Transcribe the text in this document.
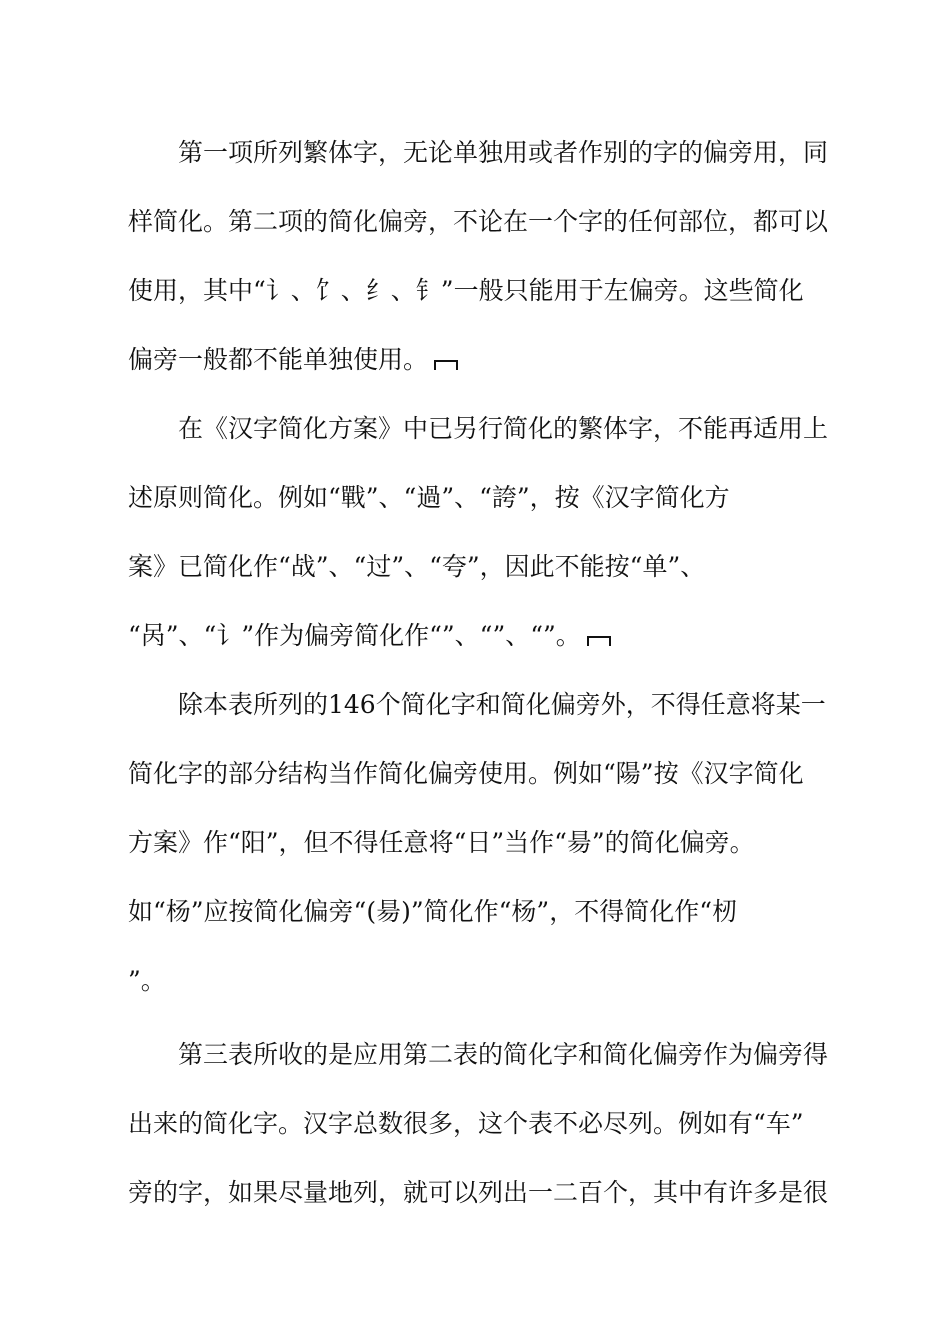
第一项所列繁体字，无论单独用或者作别的字的偏旁用，同
样简化。第二项的简化偏旁，不论在一个字的任何部位，都可以
使用，其中“讠、饣、纟、钅”一般只能用于左偏旁。这些简化
偏旁一般都不能单独使用。
在《汉字简化方案》中已另行简化的繁体字，不能再适用上
述原则简化。例如“戰”、“過”、“誇”，按《汉字简化方
案》已简化作“战”、“过”、“夸”，因此不能按“单”、
“呙”、“讠”作为偏旁简化作“”、“”、“”。
除本表所列的146个简化字和简化偏旁外，不得任意将某一
简化字的部分结构当作简化偏旁使用。例如“陽”按《汉字简化
方案》作“阳”，但不得任意将“日”当作“昜”的简化偏旁。
如“杨”应按简化偏旁“(昜)”简化作“杨”，不得简化作“杒
”。
第三表所收的是应用第二表的简化字和简化偏旁作为偏旁得
出来的简化字。汉字总数很多，这个表不必尽列。例如有“车”
旁的字，如果尽量地列，就可以列出一二百个，其中有许多是很
